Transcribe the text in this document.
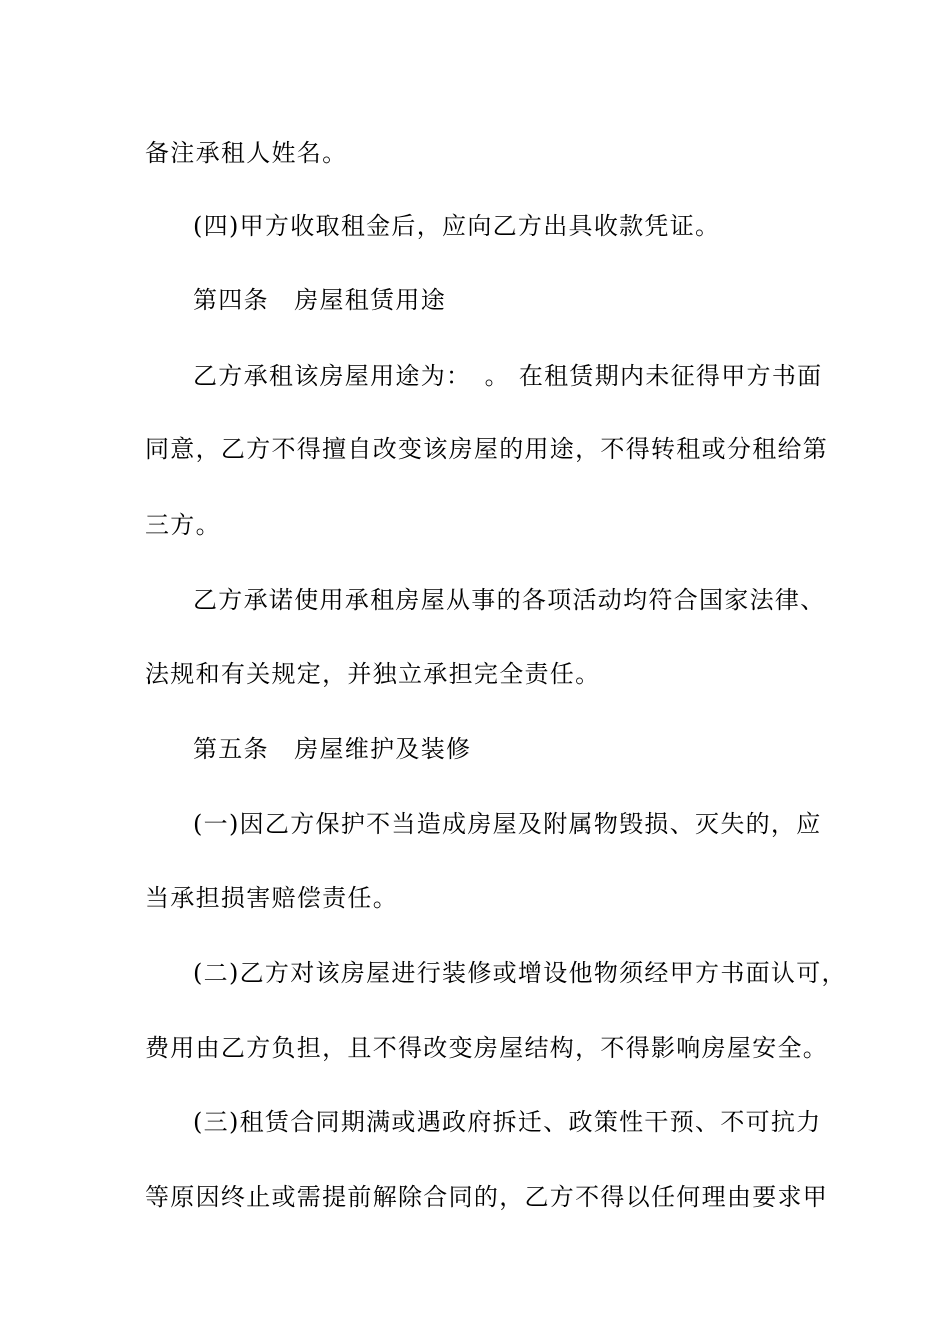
备注承租人姓名。
(四)甲方收取租金后，应向乙方出具收款凭证。
第四条　房屋租赁用途
乙方承租该房屋用途为：　。 在租赁期内未征得甲方书面
同意，乙方不得擅自改变该房屋的用途，不得转租或分租给第
三方。
乙方承诺使用承租房屋从事的各项活动均符合国家法律、
法规和有关规定，并独立承担完全责任。
第五条　房屋维护及装修
(一)因乙方保护不当造成房屋及附属物毁损、灭失的，应
当承担损害赔偿责任。
(二)乙方对该房屋进行装修或增设他物须经甲方书面认可，
费用由乙方负担，且不得改变房屋结构，不得影响房屋安全。
(三)租赁合同期满或遇政府拆迁、政策性干预、不可抗力
等原因终止或需提前解除合同的，乙方不得以任何理由要求甲
